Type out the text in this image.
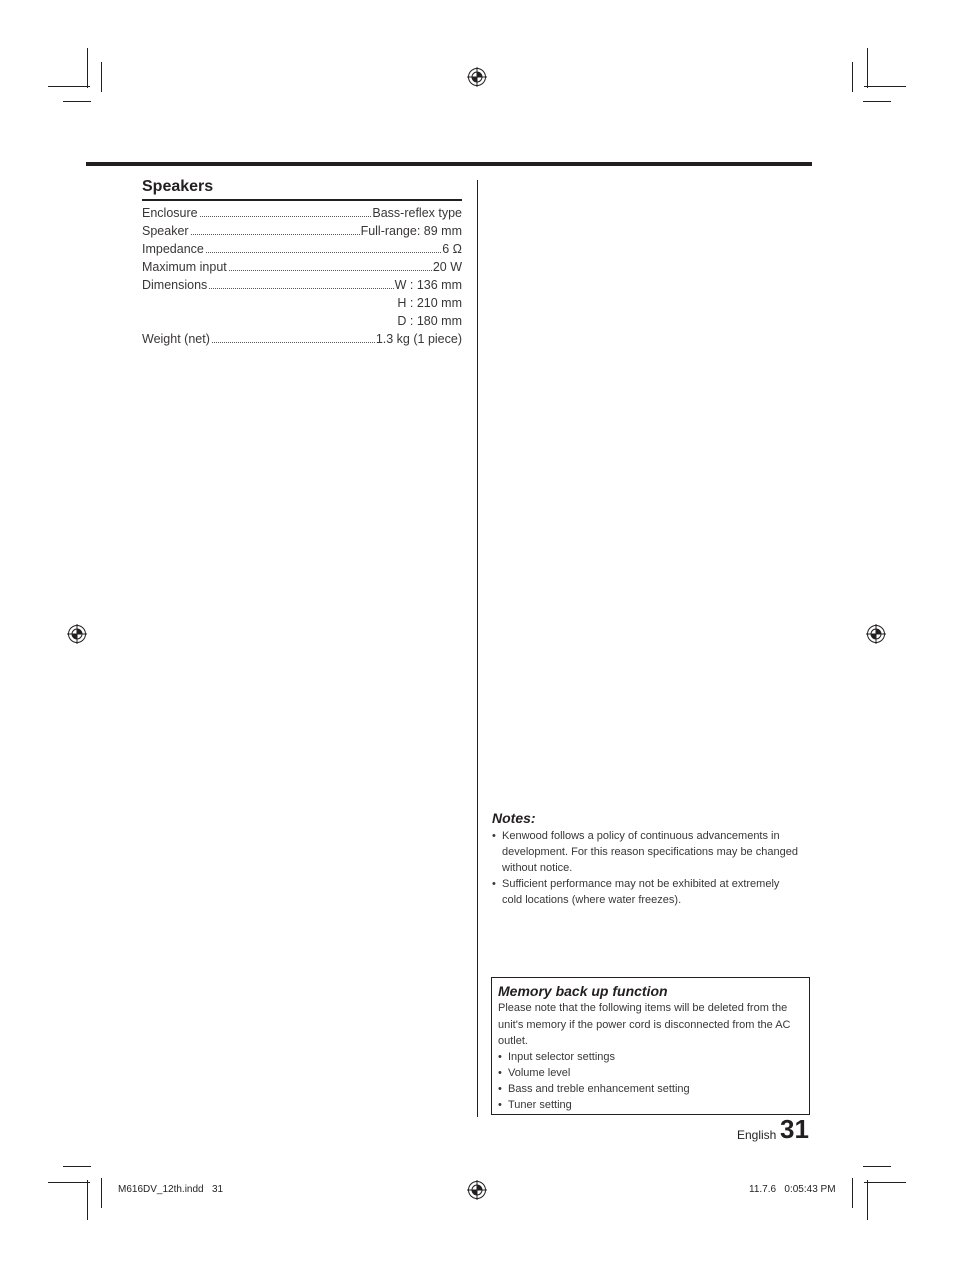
Speakers
Enclosure	Bass-reflex type
Speaker	Full-range: 89 mm
Impedance	6 Ω
Maximum input	20 W
Dimensions	W : 136 mm
H : 210 mm
D : 180 mm
Weight (net)	1.3 kg (1 piece)
Notes:
• Kenwood follows a policy of continuous advancements in development. For this reason specifications may be changed without notice.
• Sufficient performance may not be exhibited at extremely cold locations (where water freezes).
Memory back up function
Please note that the following items will be deleted from the unit's memory if the power cord is disconnected from the AC outlet.
• Input selector settings
• Volume level
• Bass and treble enhancement setting
• Tuner setting
English 31
M616DV_12th.indd   31	11.7.6   0:05:43 PM
